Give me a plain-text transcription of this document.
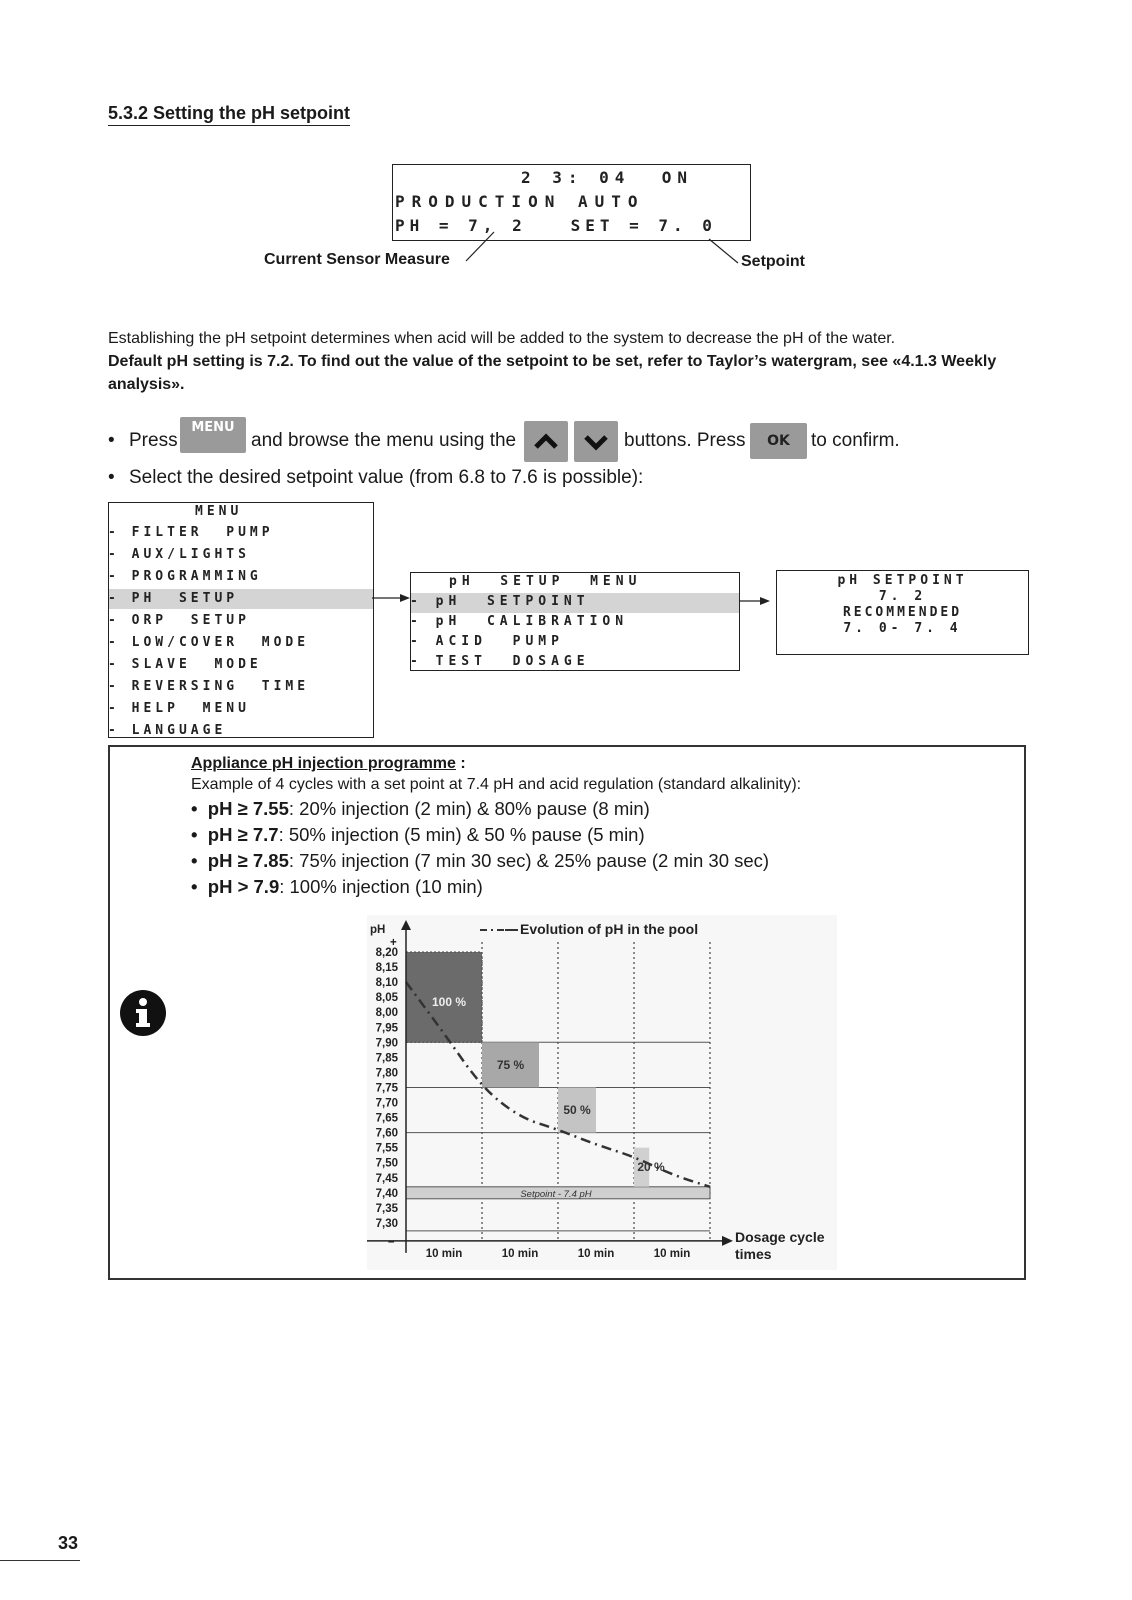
5.3.2 Setting the pH setpoint
2 3: 04  ON
PRODUCTION AUTO
PH = 7, 2   SET = 7. 0
Current Sensor Measure	Setpoint
Establishing the pH setpoint determines when acid will be added to the system to decrease the pH of the water.
Default pH setting is 7.2. To find out the value of the setpoint to be set, refer to Taylor’s watergram, see «4.1.3 Weekly analysis».
• Press
MENU
and browse the menu using the	buttons. Press	OK	to confirm.
• Select the desired setpoint value (from 6.8 to 7.6 is possible):
MENU
- FILTER  PUMP
- AUX/LIGHTS
- PROGRAMMING
- PH  SETUP
- ORP  SETUP
- LOW/COVER  MODE
- SLAVE  MODE
- REVERSING  TIME
- HELP  MENU
- LANGUAGE
pH  SETUP  MENU
- pH  SETPOINT
- pH  CALIBRATION
- ACID  PUMP
- TEST  DOSAGE
pH SETPOINT
7. 2
RECOMMENDED
7. 0- 7. 4
Appliance pH injection programme :
Example of 4 cycles with a set point at 7.4 pH and acid regulation (standard alkalinity):
•  pH ≥ 7.55: 20% injection (2 min) & 80% pause (8 min)
•  pH ≥ 7.7: 50% injection (5 min) & 50 % pause (5 min)
•  pH ≥ 7.85: 75% injection (7 min 30 sec) & 25% pause (2 min 30 sec)
•  pH > 7.9: 100% injection (10 min)
Setpoint - 7.4 pH
100 %
75 %
50 %
20 %
8,20
8,15
8,10
8,05
8,00
7,95
7,90
7,85
7,80
7,75
7,70
7,65
7,60
7,55
7,50
7,45
7,40
7,35
7,30
10 min	10 min	10 min	10 min
pH
+
–
Evolution of pH in the pool
Dosage cycle
times
33
